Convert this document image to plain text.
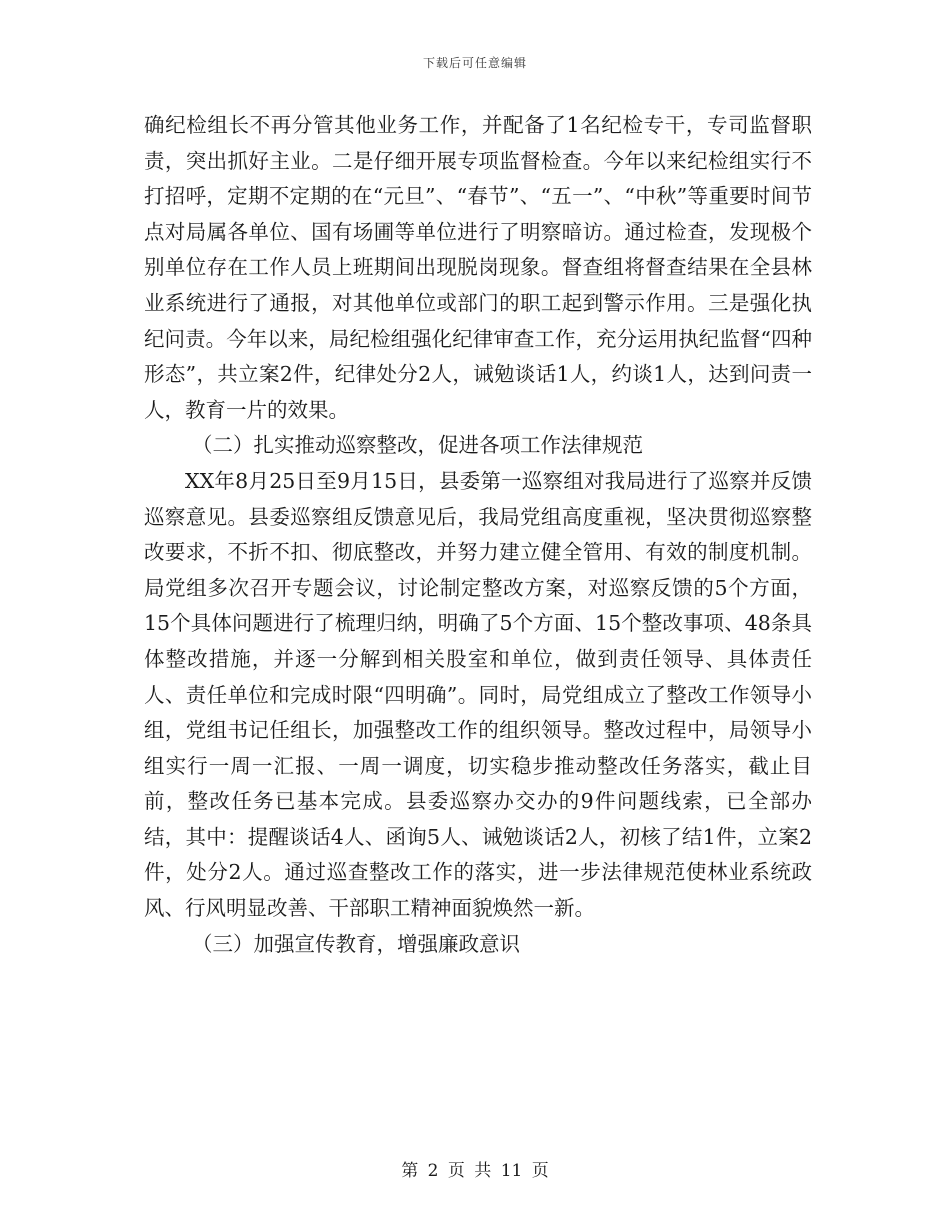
下载后可任意编辑

确纪检组长不再分管其他业务工作，并配备了1名纪检专干，专司监督职责，突出抓好主业。二是仔细开展专项监督检查。今年以来纪检组实行不打招呼，定期不定期的在“元旦”、“春节”、“五一”、“中秋”等重要时间节点对局属各单位、国有场圃等单位进行了明察暗访。通过检查，发现极个别单位存在工作人员上班期间出现脱岗现象。督查组将督查结果在全县林业系统进行了通报，对其他单位或部门的职工起到警示作用。三是强化执纪问责。今年以来，局纪检组强化纪律审查工作，充分运用执纪监督“四种形态”，共立案2件，纪律处分2人，诫勉谈话1人，约谈1人，达到问责一人，教育一片的效果。

（二）扎实推动巡察整改，促进各项工作法律规范

XX年8月25日至9月15日，县委第一巡察组对我局进行了巡察并反馈巡察意见。县委巡察组反馈意见后，我局党组高度重视，坚决贯彻巡察整改要求，不折不扣、彻底整改，并努力建立健全管用、有效的制度机制。局党组多次召开专题会议，讨论制定整改方案，对巡察反馈的5个方面，15个具体问题进行了梳理归纳，明确了5个方面、15个整改事项、48条具体整改措施，并逐一分解到相关股室和单位，做到责任领导、具体责任人、责任单位和完成时限“四明确”。同时，局党组成立了整改工作领导小组，党组书记任组长，加强整改工作的组织领导。整改过程中，局领导小组实行一周一汇报、一周一调度，切实稳步推动整改任务落实，截止目前，整改任务已基本完成。县委巡察办交办的9件问题线索，已全部办结，其中：提醒谈话4人、函询5人、诫勉谈话2人，初核了结1件，立案2件，处分2人。通过巡查整改工作的落实，进一步法律规范使林业系统政风、行风明显改善、干部职工精神面貌焕然一新。

（三）加强宣传教育，增强廉政意识

第 2 页 共 11 页
